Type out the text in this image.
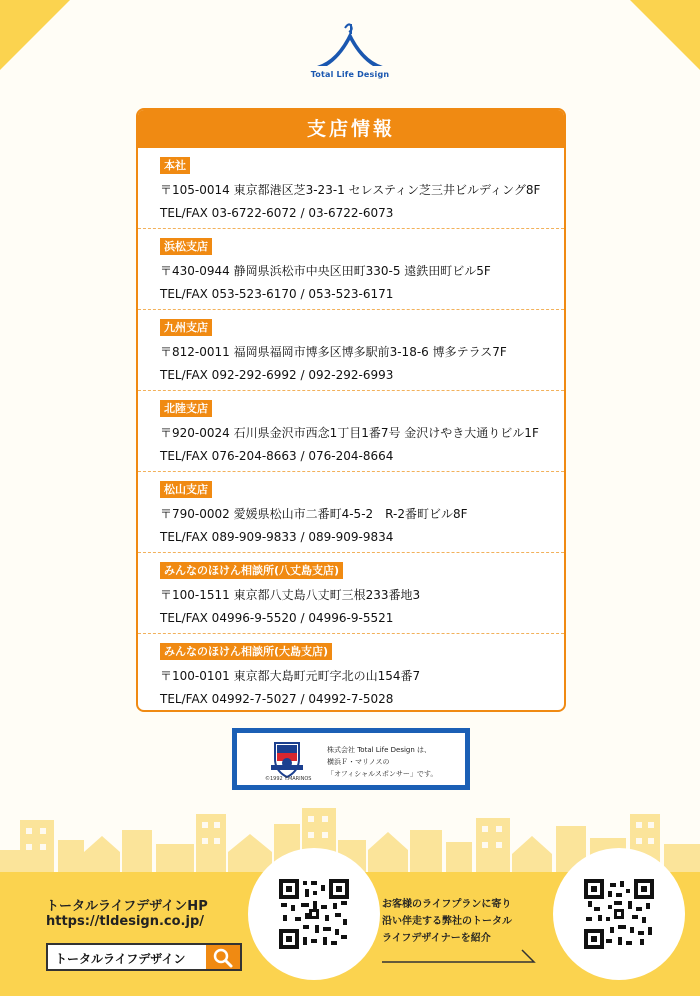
Total Life Design
支店情報
本社
〒105-0014 東京都港区芝3-23-1 セレスティン芝三井ビルディング8F
TEL/FAX 03-6722-6072 / 03-6722-6073
浜松支店
〒430-0944 静岡県浜松市中央区田町330-5 遠鉄田町ビル5F
TEL/FAX 053-523-6170 / 053-523-6171
九州支店
〒812-0011 福岡県福岡市博多区博多駅前3-18-6 博多テラス7F
TEL/FAX 092-292-6992 / 092-292-6993
北陸支店
〒920-0024 石川県金沢市西念1丁目1番7号 金沢けやき大通りビル1F
TEL/FAX 076-204-8663 / 076-204-8664
松山支店
〒790-0002 愛媛県松山市二番町4-5-2　R-2番町ビル8F
TEL/FAX 089-909-9833 / 089-909-9834
みんなのほけん相談所(八丈島支店)
〒100-1511 東京都八丈島八丈町三根233番地3
TEL/FAX 04996-9-5520 / 04996-9-5521
みんなのほけん相談所(大島支店)
〒100-0101 東京都大島町元町字北の山154番7
TEL/FAX 04992-7-5027 / 04992-7-5028
©1992 Y.MARINOS
株式会社 Total Life Design は、
横浜Ｆ・マリノスの
「オフィシャルスポンサー」です。
トータルライフデザインHP
https://tldesign.co.jp/
トータルライフデザイン
お客様のライフプランに寄り
沿い伴走する弊社のトータル
ライフデザイナーを紹介
